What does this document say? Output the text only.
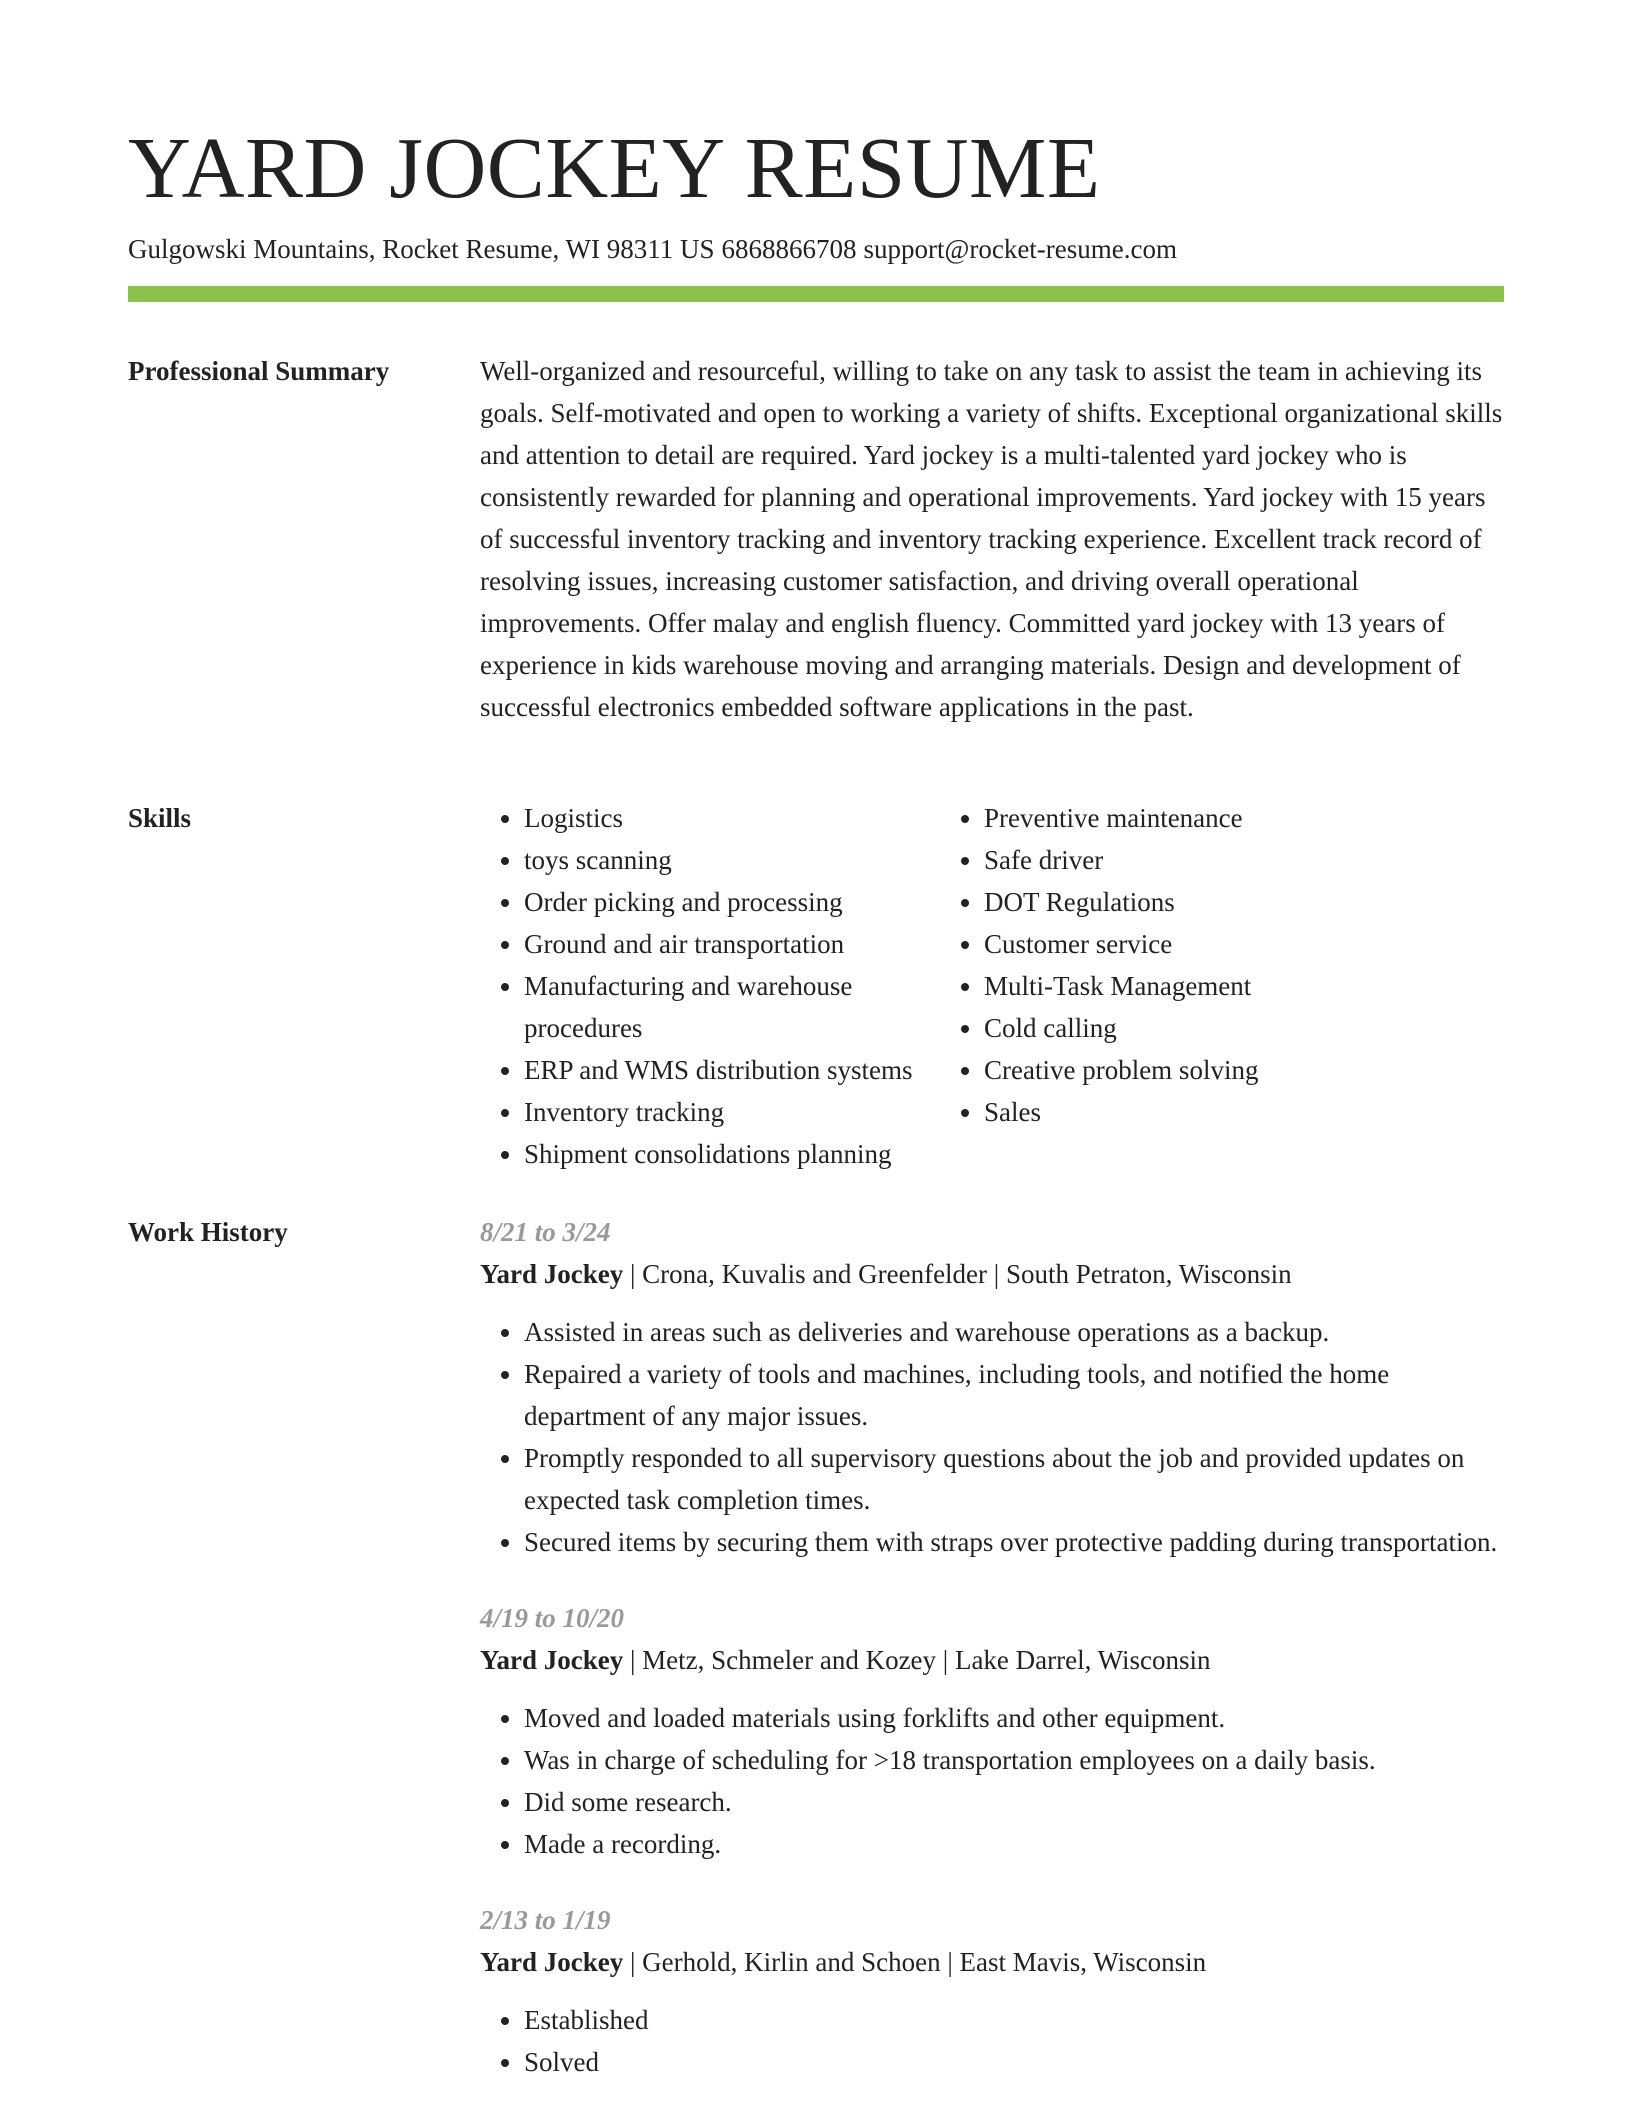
YARD JOCKEY RESUME
Gulgowski Mountains, Rocket Resume, WI 98311 US 6868866708 support@rocket-resume.com
Professional Summary	Well-organized and resourceful, willing to take on any task to assist the team in achieving its goals. Self-motivated and open to working a variety of shifts. Exceptional organizational skills and attention to detail are required. Yard jockey is a multi-talented yard jockey who is consistently rewarded for planning and operational improvements. Yard jockey with 15 years of successful inventory tracking and inventory tracking experience. Excellent track record of resolving issues, increasing customer satisfaction, and driving overall operational improvements. Offer malay and english fluency. Committed yard jockey with 13 years of experience in kids warehouse moving and arranging materials. Design and development of successful electronics embedded software applications in the past.

Skills
•	Logistics
• toys scanning
• Order picking and processing
• Ground and air transportation
• Manufacturing and warehouse procedures
• ERP and WMS distribution systems
• Inventory tracking
• Shipment consolidations planning
• Preventive maintenance
• Safe driver
• DOT Regulations
• Customer service
• Multi-Task Management
• Cold calling
• Creative problem solving
• Sales
Work History	8/21 to 3/24
Yard Jockey | Crona, Kuvalis and Greenfelder | South Petraton, Wisconsin
• Assisted in areas such as deliveries and warehouse operations as a backup.
• Repaired a variety of tools and machines, including tools, and notified the home department of any major issues.
• Promptly responded to all supervisory questions about the job and provided updates on expected task completion times.
• Secured items by securing them with straps over protective padding during transportation.
4/19 to 10/20
Yard Jockey | Metz, Schmeler and Kozey | Lake Darrel, Wisconsin
• Moved and loaded materials using forklifts and other equipment.
• Was in charge of scheduling for >18 transportation employees on a daily basis.
• Did some research.
• Made a recording.
2/13 to 1/19
Yard Jockey | Gerhold, Kirlin and Schoen | East Mavis, Wisconsin
• Established
• Solved
